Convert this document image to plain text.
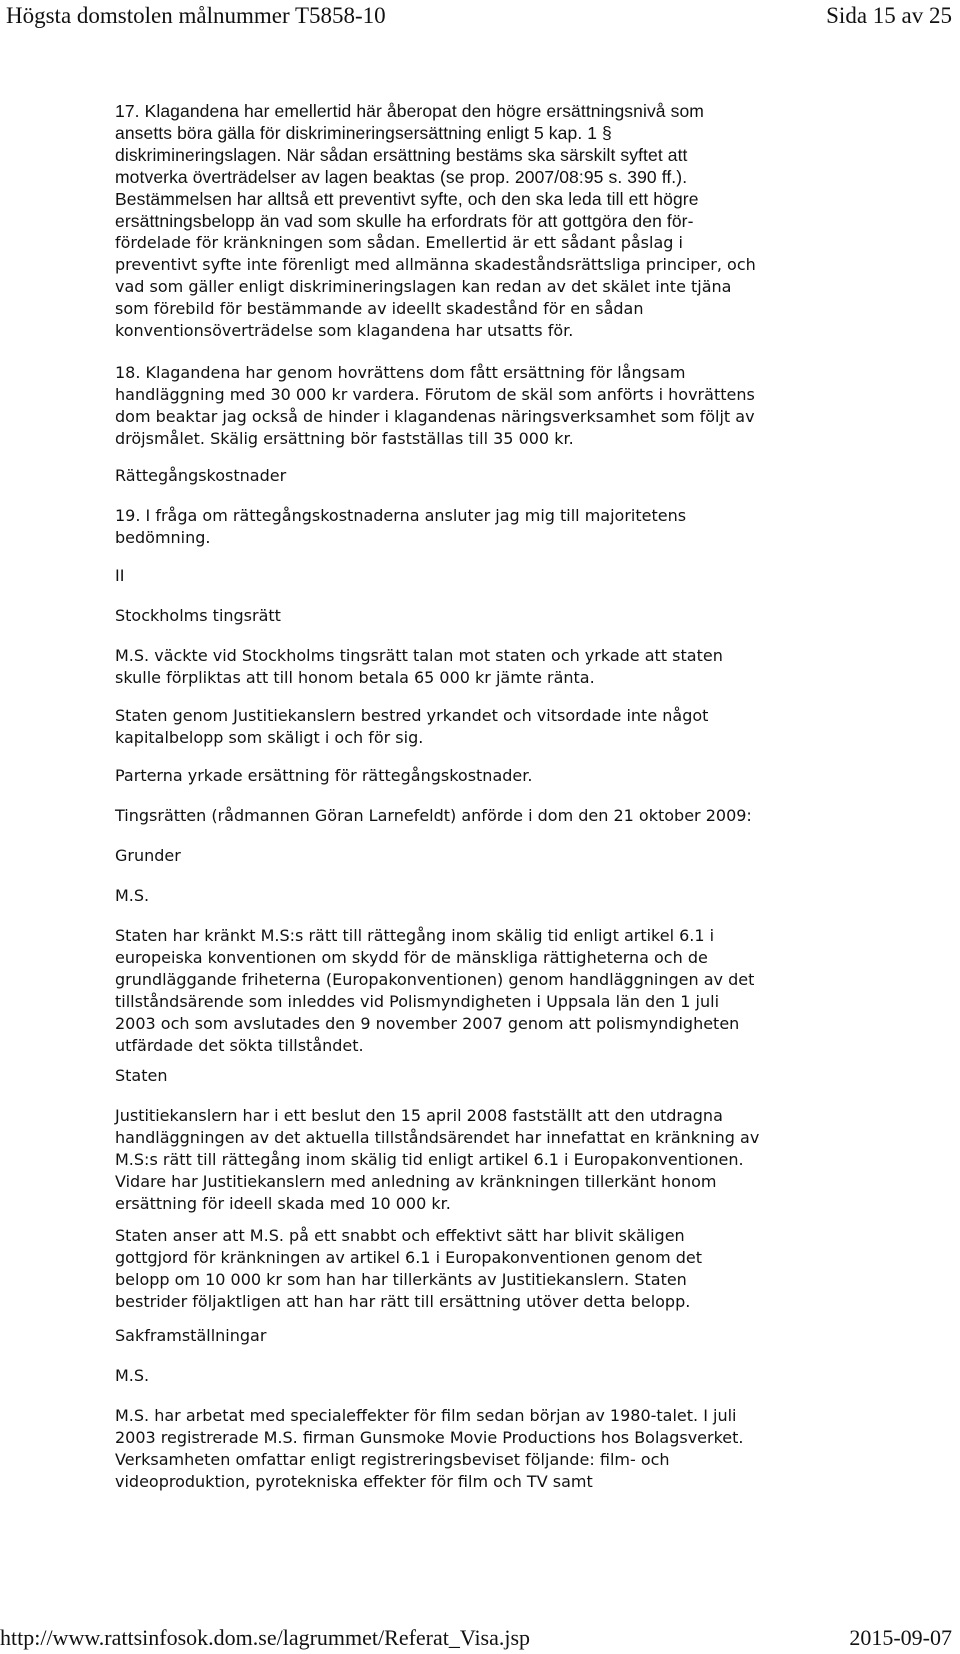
Högsta domstolen målnummer T5858-10	Sida 15 av 25
17. Klagandena har emellertid här åberopat den högre ersättningsnivå som
ansetts böra gälla för diskrimineringsersättning enligt 5 kap. 1 §
diskrimineringslagen. När sådan ersättning bestäms ska särskilt syftet att
motverka överträdelser av lagen beaktas (se prop. 2007/08:95 s. 390 ff.).
Bestämmelsen har alltså ett preventivt syfte, och den ska leda till ett högre
ersättningsbelopp än vad som skulle ha erfordrats för att gottgöra den för-
fördelade för kränkningen som sådan. Emellertid är ett sådant påslag i
preventivt syfte inte förenligt med allmänna skadeståndsrättsliga principer, och
vad som gäller enligt diskrimineringslagen kan redan av det skälet inte tjäna
som förebild för bestämmande av ideellt skadestånd för en sådan
konventionsöverträdelse som klagandena har utsatts för.
18. Klagandena har genom hovrättens dom fått ersättning för långsam
handläggning med 30 000 kr vardera. Förutom de skäl som anförts i hovrättens
dom beaktar jag också de hinder i klagandenas näringsverksamhet som följt av
dröjsmålet. Skälig ersättning bör fastställas till 35 000 kr.
Rättegångskostnader
19. I fråga om rättegångskostnaderna ansluter jag mig till majoritetens
bedömning.
II
Stockholms tingsrätt
M.S. väckte vid Stockholms tingsrätt talan mot staten och yrkade att staten
skulle förpliktas att till honom betala 65 000 kr jämte ränta.
Staten genom Justitiekanslern bestred yrkandet och vitsordade inte något
kapitalbelopp som skäligt i och för sig.
Parterna yrkade ersättning för rättegångskostnader.
Tingsrätten (rådmannen Göran Larnefeldt) anförde i dom den 21 oktober 2009:
Grunder
M.S.
Staten har kränkt M.S:s rätt till rättegång inom skälig tid enligt artikel 6.1 i
europeiska konventionen om skydd för de mänskliga rättigheterna och de
grundläggande friheterna (Europakonventionen) genom handläggningen av det
tillståndsärende som inleddes vid Polismyndigheten i Uppsala län den 1 juli
2003 och som avslutades den 9 november 2007 genom att polismyndigheten
utfärdade det sökta tillståndet.
Staten
Justitiekanslern har i ett beslut den 15 april 2008 fastställt att den utdragna
handläggningen av det aktuella tillståndsärendet har innefattat en kränkning av
M.S:s rätt till rättegång inom skälig tid enligt artikel 6.1 i Europakonventionen.
Vidare har Justitiekanslern med anledning av kränkningen tillerkänt honom
ersättning för ideell skada med 10 000 kr.
Staten anser att M.S. på ett snabbt och effektivt sätt har blivit skäligen
gottgjord för kränkningen av artikel 6.1 i Europakonventionen genom det
belopp om 10 000 kr som han har tillerkänts av Justitiekanslern. Staten
bestrider följaktligen att han har rätt till ersättning utöver detta belopp.
Sakframställningar
M.S.
M.S. har arbetat med specialeffekter för film sedan början av 1980-talet. I juli
2003 registrerade M.S. firman Gunsmoke Movie Productions hos Bolagsverket.
Verksamheten omfattar enligt registreringsbeviset följande: film- och
videoproduktion, pyrotekniska effekter för film och TV samt
http://www.rattsinfosok.dom.se/lagrummet/Referat_Visa.jsp	2015-09-07
